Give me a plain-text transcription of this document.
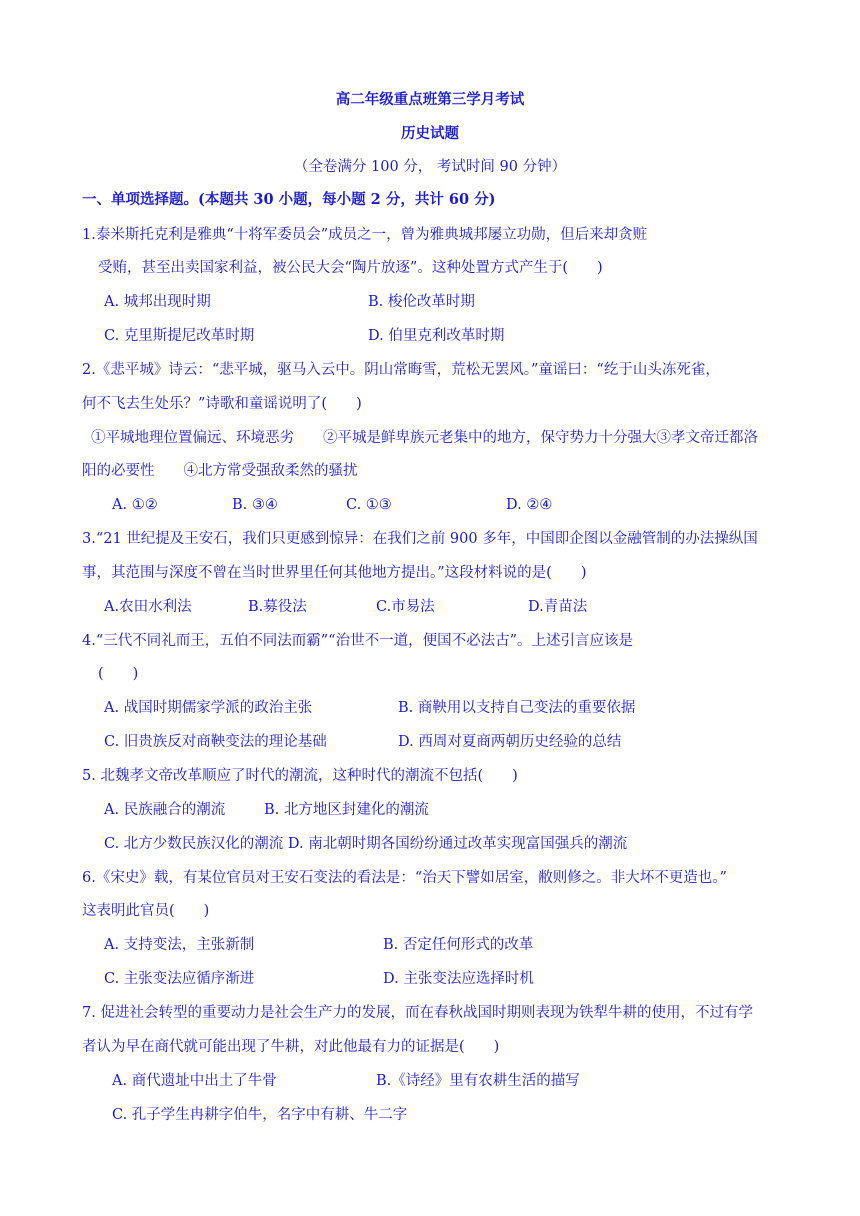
高二年级重点班第三学月考试
历史试题
（全卷满分 100 分， 考试时间 90 分钟）
一、单项选择题。(本题共 30 小题，每小题 2 分，共计 60 分)
1.泰米斯托克利是雅典“十将军委员会”成员之一，曾为雅典城邦屡立功勋，但后来却贪赃
受贿，甚至出卖国家利益，被公民大会“陶片放逐”。这种处置方式产生于(　　)
A. 城邦出现时期	B. 梭伦改革时期
C. 克里斯提尼改革时期	D. 伯里克利改革时期
2.《悲平城》诗云：“悲平城，驱马入云中。阴山常晦雪，荒松无罢风。”童谣曰：“纥于山头冻死雀，
何不飞去生处乐？”诗歌和童谣说明了(　　)
①平城地理位置偏远、环境恶劣　　②平城是鲜卑族元老集中的地方，保守势力十分强大③孝文帝迁都洛
阳的必要性　　④北方常受强敌柔然的骚扰
A. ①②	B. ③④	C. ①③	D. ②④
3.“21 世纪提及王安石，我们只更感到惊异：在我们之前 900 多年，中国即企图以金融管制的办法操纵国
事，其范围与深度不曾在当时世界里任何其他地方提出。”这段材料说的是(　　)
A.农田水利法	B.募役法	C.市易法	D.青苗法
4.“三代不同礼而王，五伯不同法而霸”“治世不一道，便国不必法古”。上述引言应该是
(　　)
A. 战国时期儒家学派的政治主张	B. 商鞅用以支持自己变法的重要依据
C. 旧贵族反对商鞅变法的理论基础	D. 西周对夏商两朝历史经验的总结
5. 北魏孝文帝改革顺应了时代的潮流，这种时代的潮流不包括(　　)
A. 民族融合的潮流	B. 北方地区封建化的潮流
C. 北方少数民族汉化的潮流 D. 南北朝时期各国纷纷通过改革实现富国强兵的潮流
6.《宋史》载，有某位官员对王安石变法的看法是：“治天下譬如居室，敝则修之。非大坏不更造也。”
这表明此官员(　　)
A. 支持变法，主张新制	B. 否定任何形式的改革
C. 主张变法应循序渐进	D. 主张变法应选择时机
7. 促进社会转型的重要动力是社会生产力的发展，而在春秋战国时期则表现为铁犁牛耕的使用，不过有学
者认为早在商代就可能出现了牛耕，对此他最有力的证据是(　　)
A. 商代遗址中出土了牛骨	B.《诗经》里有农耕生活的描写
C. 孔子学生冉耕字伯牛，名字中有耕、牛二字
